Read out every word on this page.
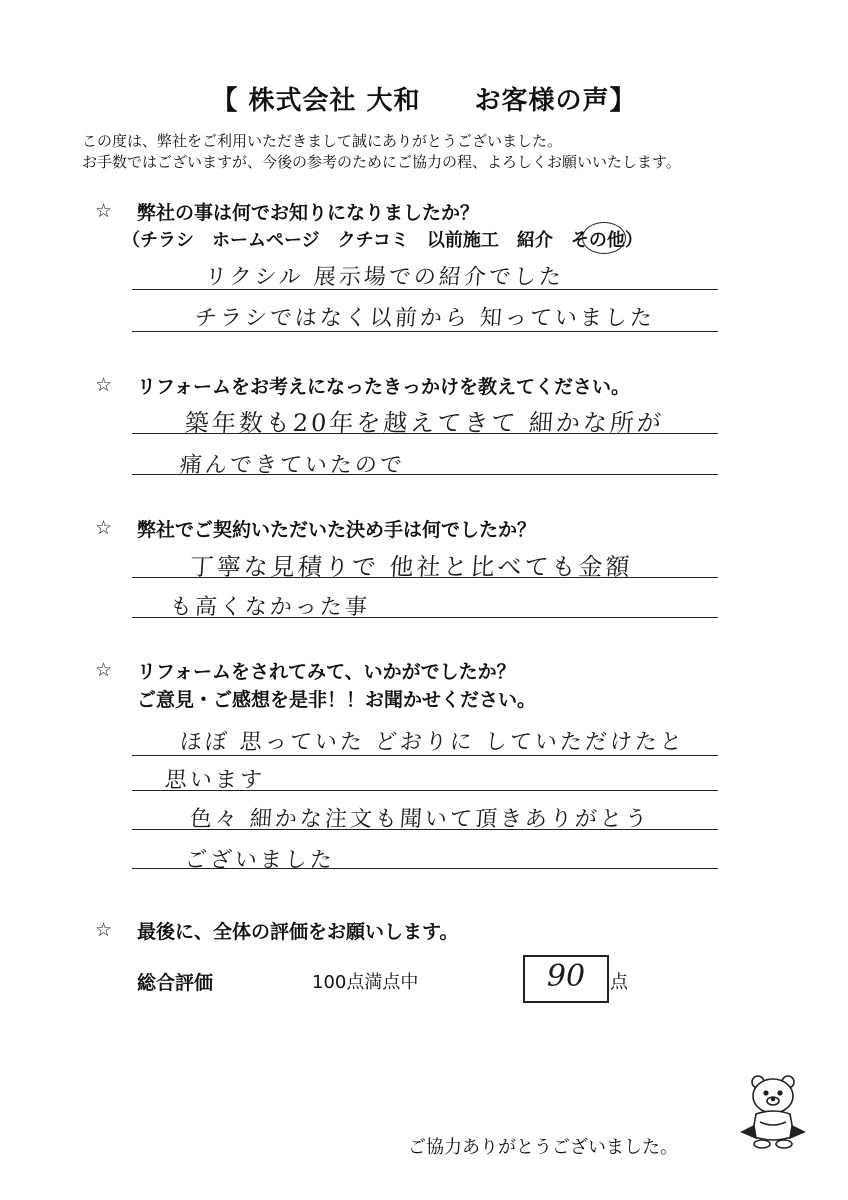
【 株式会社 大和　　お客様の声】
この度は、弊社をご利用いただきまして誠にありがとうございました。
お手数ではございますが、今後の参考のためにご協力の程、よろしくお願いいたします。
☆ 弊社の事は何でお知りになりましたか？
（チラシ　ホームページ　クチコミ　以前施工　紹介　その他）
リクシル 展示場での紹介でした
チラシではなく以前から 知っていました
☆ リフォームをお考えになったきっかけを教えてください。
築年数も20年を越えてきて 細かな所が
痛んできていたので
☆ 弊社でご契約いただいた決め手は何でしたか？
丁寧な見積りで 他社と比べても金額
も高くなかった事
☆ リフォームをされてみて、いかがでしたか？
ご意見・ご感想を是非！！お聞かせください。
ほぼ 思っていた どおりに していただけたと
思います
色々 細かな注文も聞いて頂きありがとう
ございました
☆ 最後に、全体の評価をお願いします。
総合評価	100点満点中	90	点
ご協力ありがとうございました。
